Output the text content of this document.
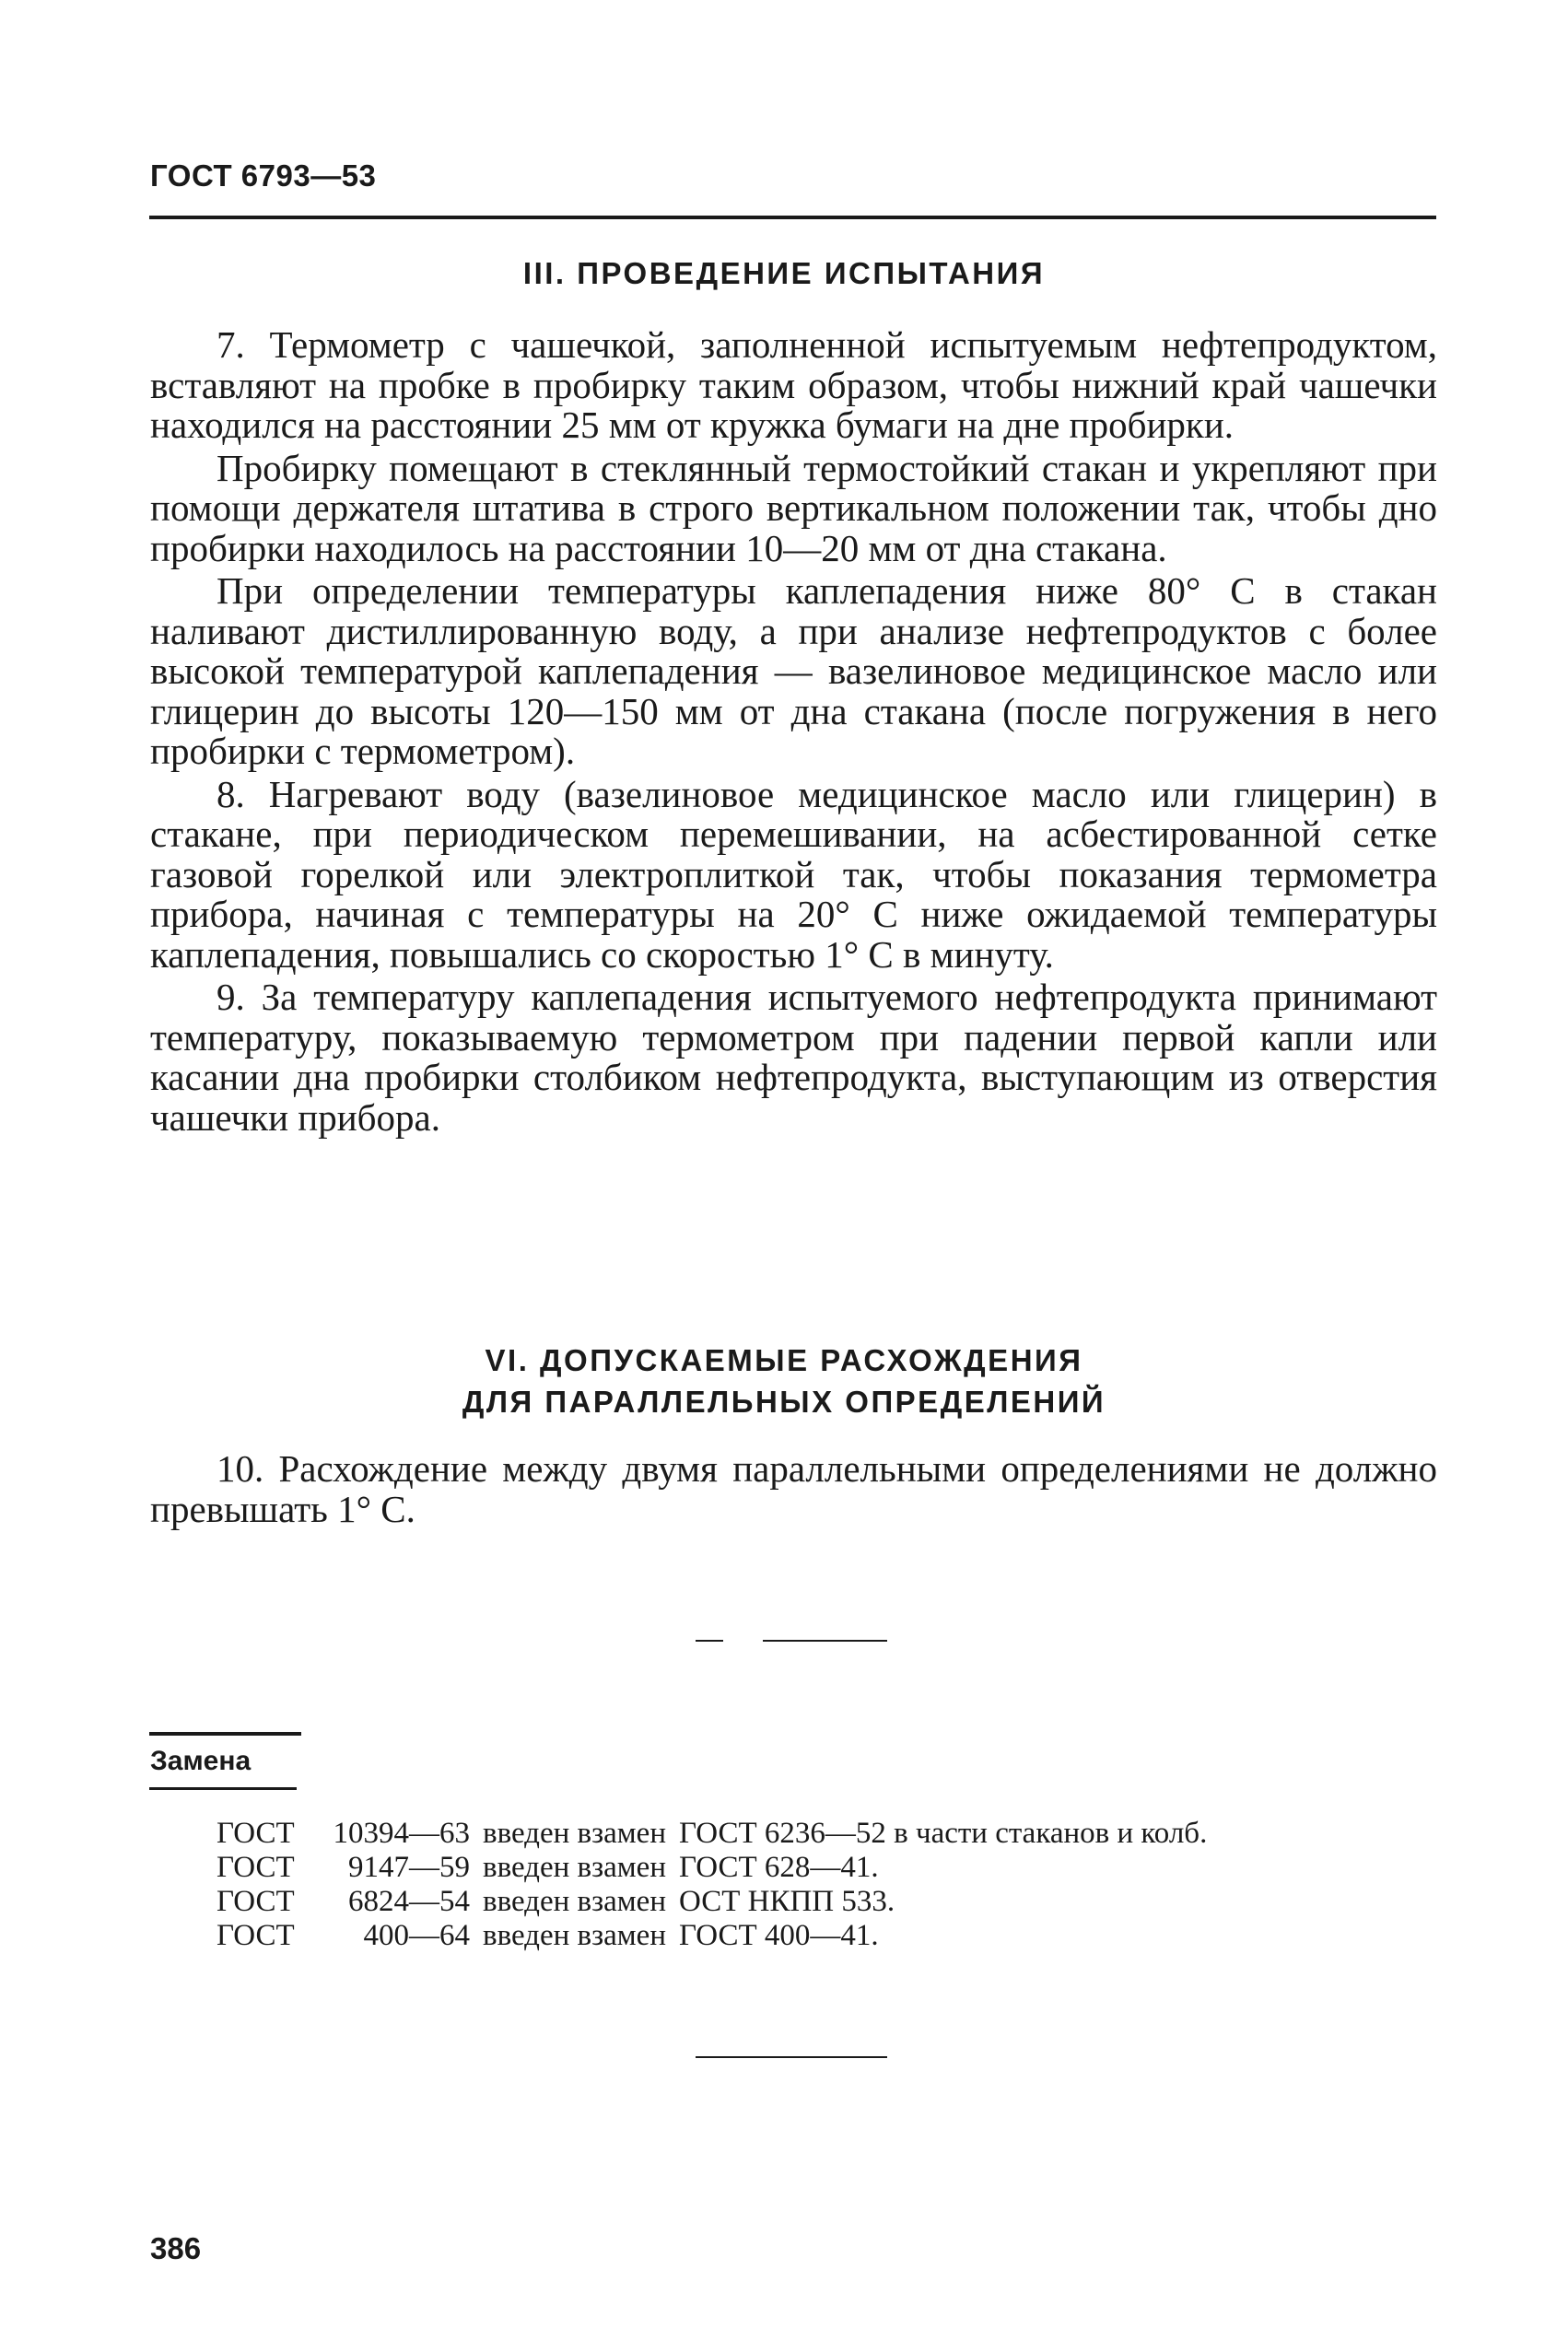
ГОСТ 6793—53
III. ПРОВЕДЕНИЕ ИСПЫТАНИЯ

7. Термометр с чашечкой, заполненной испытуемым нефтепродуктом, вставляют на пробке в пробирку таким образом, чтобы нижний край чашечки находился на расстоянии 25 мм от кружка бумаги на дне пробирки.

Пробирку помещают в стеклянный термостойкий стакан и укрепляют при помощи держателя штатива в строго вертикальном положении так, чтобы дно пробирки находилось на расстоянии 10—20 мм от дна стакана.

При определении температуры каплепадения ниже 80° С в стакан наливают дистиллированную воду, а при анализе нефтепродуктов с более высокой температурой каплепадения — вазелиновое медицинское масло или глицерин до высоты 120—150 мм от дна стакана (после погружения в него пробирки с термометром).

8. Нагревают воду (вазелиновое медицинское масло или глицерин) в стакане, при периодическом перемешивании, на асбестированной сетке газовой горелкой или электроплиткой так, чтобы показания термометра прибора, начиная с температуры на 20° С ниже ожидаемой температуры каплепадения, повышались со скоростью 1° С в минуту.

9. За температуру каплепадения испытуемого нефтепродукта принимают температуру, показываемую термометром при падении первой капли или касании дна пробирки столбиком нефтепродукта, выступающим из отверстия чашечки прибора.

VI. ДОПУСКАЕМЫЕ РАСХОЖДЕНИЯ
ДЛЯ ПАРАЛЛЕЛЬНЫХ ОПРЕДЕЛЕНИЙ

10. Расхождение между двумя параллельными определениями не должно превышать 1° С.

Замена
ГОСТ	10394—63	введен взамен	ГОСТ 6236—52 в части стаканов и колб.
ГОСТ	9147—59	введен взамен	ГОСТ 628—41.
ГОСТ	6824—54	введен взамен	ОСТ НКПП 533.
ГОСТ	400—64	введен взамен	ГОСТ 400—41.
386
